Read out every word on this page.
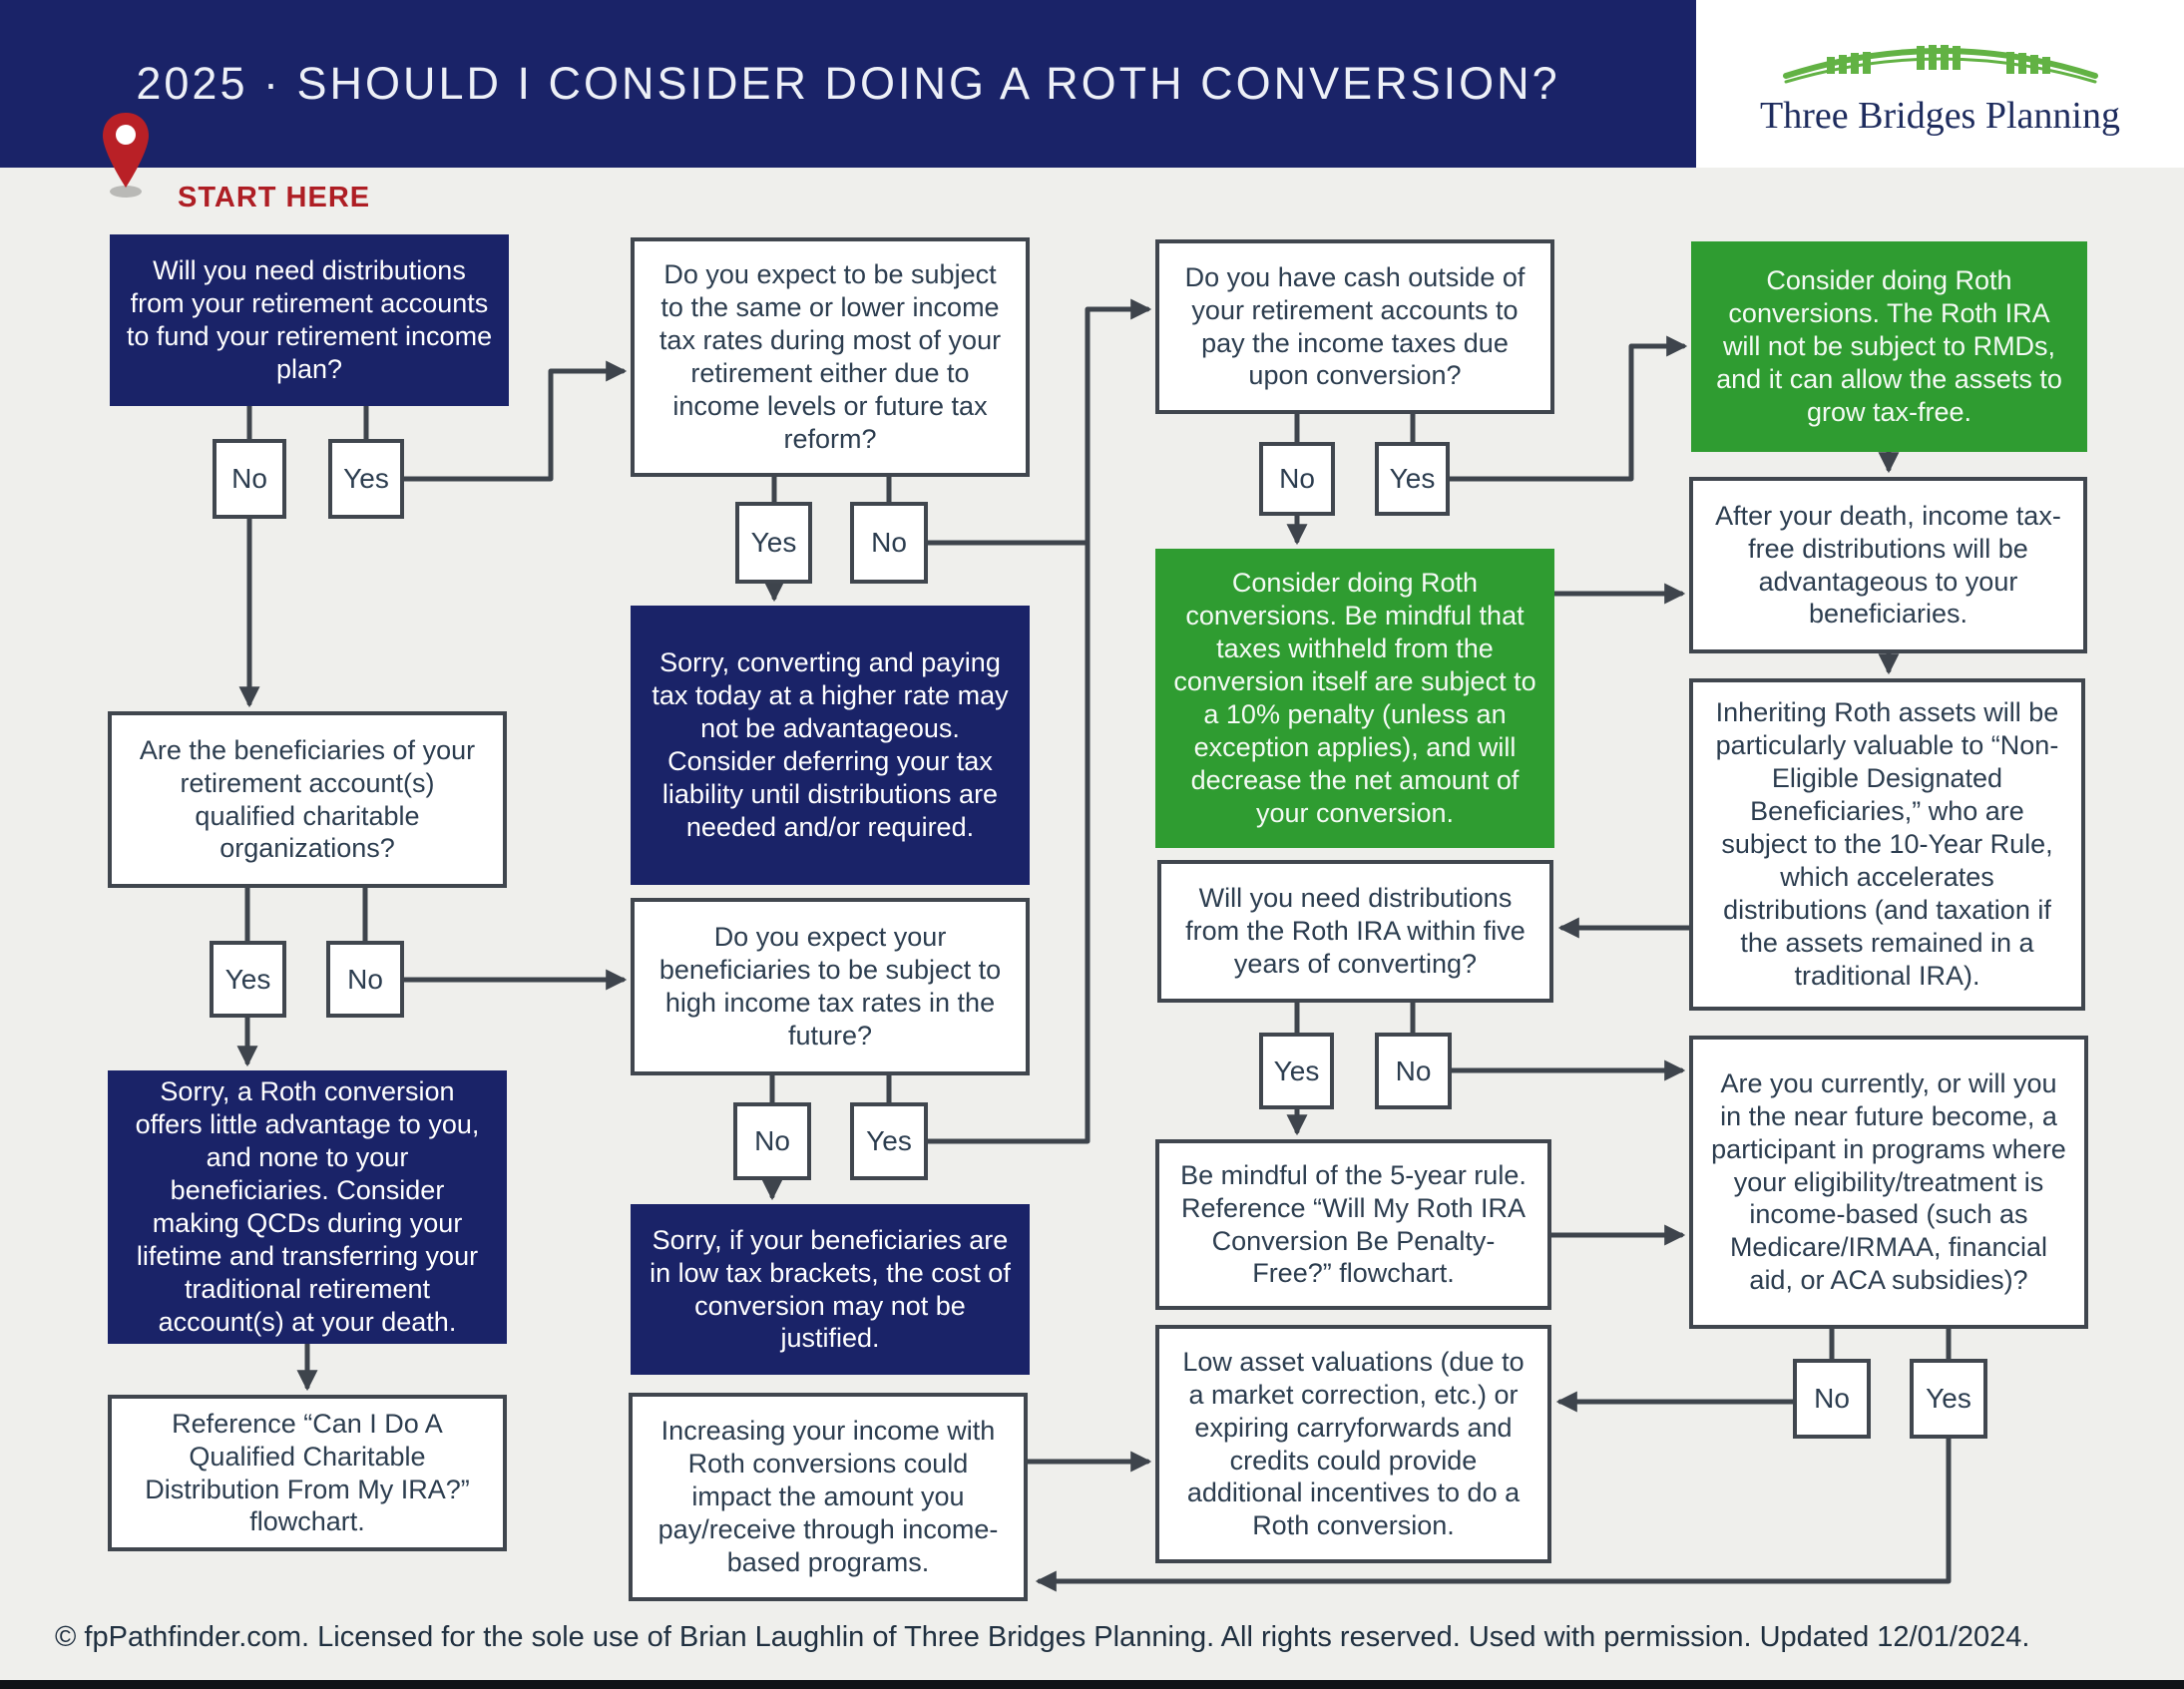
2025 · SHOULD I CONSIDER DOING A ROTH CONVERSION?
Three Bridges Planning
START HERE
Will you need distributions from your retirement accounts to fund your retirement income plan?
No	Yes
Are the beneficiaries of your retirement account(s) qualified charitable organizations?
Yes	No
Sorry, a Roth conversion offers little advantage to you, and none to your beneficiaries. Consider making QCDs during your lifetime and transferring your traditional retirement account(s) at your death.
Reference “Can I Do A Qualified Charitable Distribution From My IRA?” flowchart.
Do you expect to be subject to the same or lower income tax rates during most of your retirement either due to income levels or future tax reform?
Yes	No
Sorry, converting and paying tax today at a higher rate may not be advantageous. Consider deferring your tax liability until distributions are needed and/or required.
Do you expect your beneficiaries to be subject to high income tax rates in the future?
No	Yes
Sorry, if your beneficiaries are in low tax brackets, the cost of conversion may not be justified.
Increasing your income with Roth conversions could impact the amount you pay/receive through income-based programs.
Do you have cash outside of your retirement accounts to pay the income taxes due upon conversion?
No	Yes
Consider doing Roth conversions. Be mindful that taxes withheld from the conversion itself are subject to a 10% penalty (unless an exception applies), and will decrease the net amount of your conversion.
Will you need distributions from the Roth IRA within five years of converting?
Yes	No
Be mindful of the 5-year rule. Reference “Will My Roth IRA Conversion Be Penalty-Free?” flowchart.
Low asset valuations (due to a market correction, etc.) or expiring carryforwards and credits could provide additional incentives to do a Roth conversion.
Consider doing Roth conversions. The Roth IRA will not be subject to RMDs, and it can allow the assets to grow tax-free.
After your death, income tax-free distributions will be advantageous to your beneficiaries.
Inheriting Roth assets will be particularly valuable to “Non-Eligible Designated Beneficiaries,” who are subject to the 10-Year Rule, which accelerates distributions (and taxation if the assets remained in a traditional IRA).
Are you currently, or will you in the near future become, a participant in programs where your eligibility/treatment is income-based (such as Medicare/IRMAA, financial aid, or ACA subsidies)?
No	Yes
© fpPathfinder.com. Licensed for the sole use of Brian Laughlin of Three Bridges Planning. All rights reserved. Used with permission. Updated 12/01/2024.
